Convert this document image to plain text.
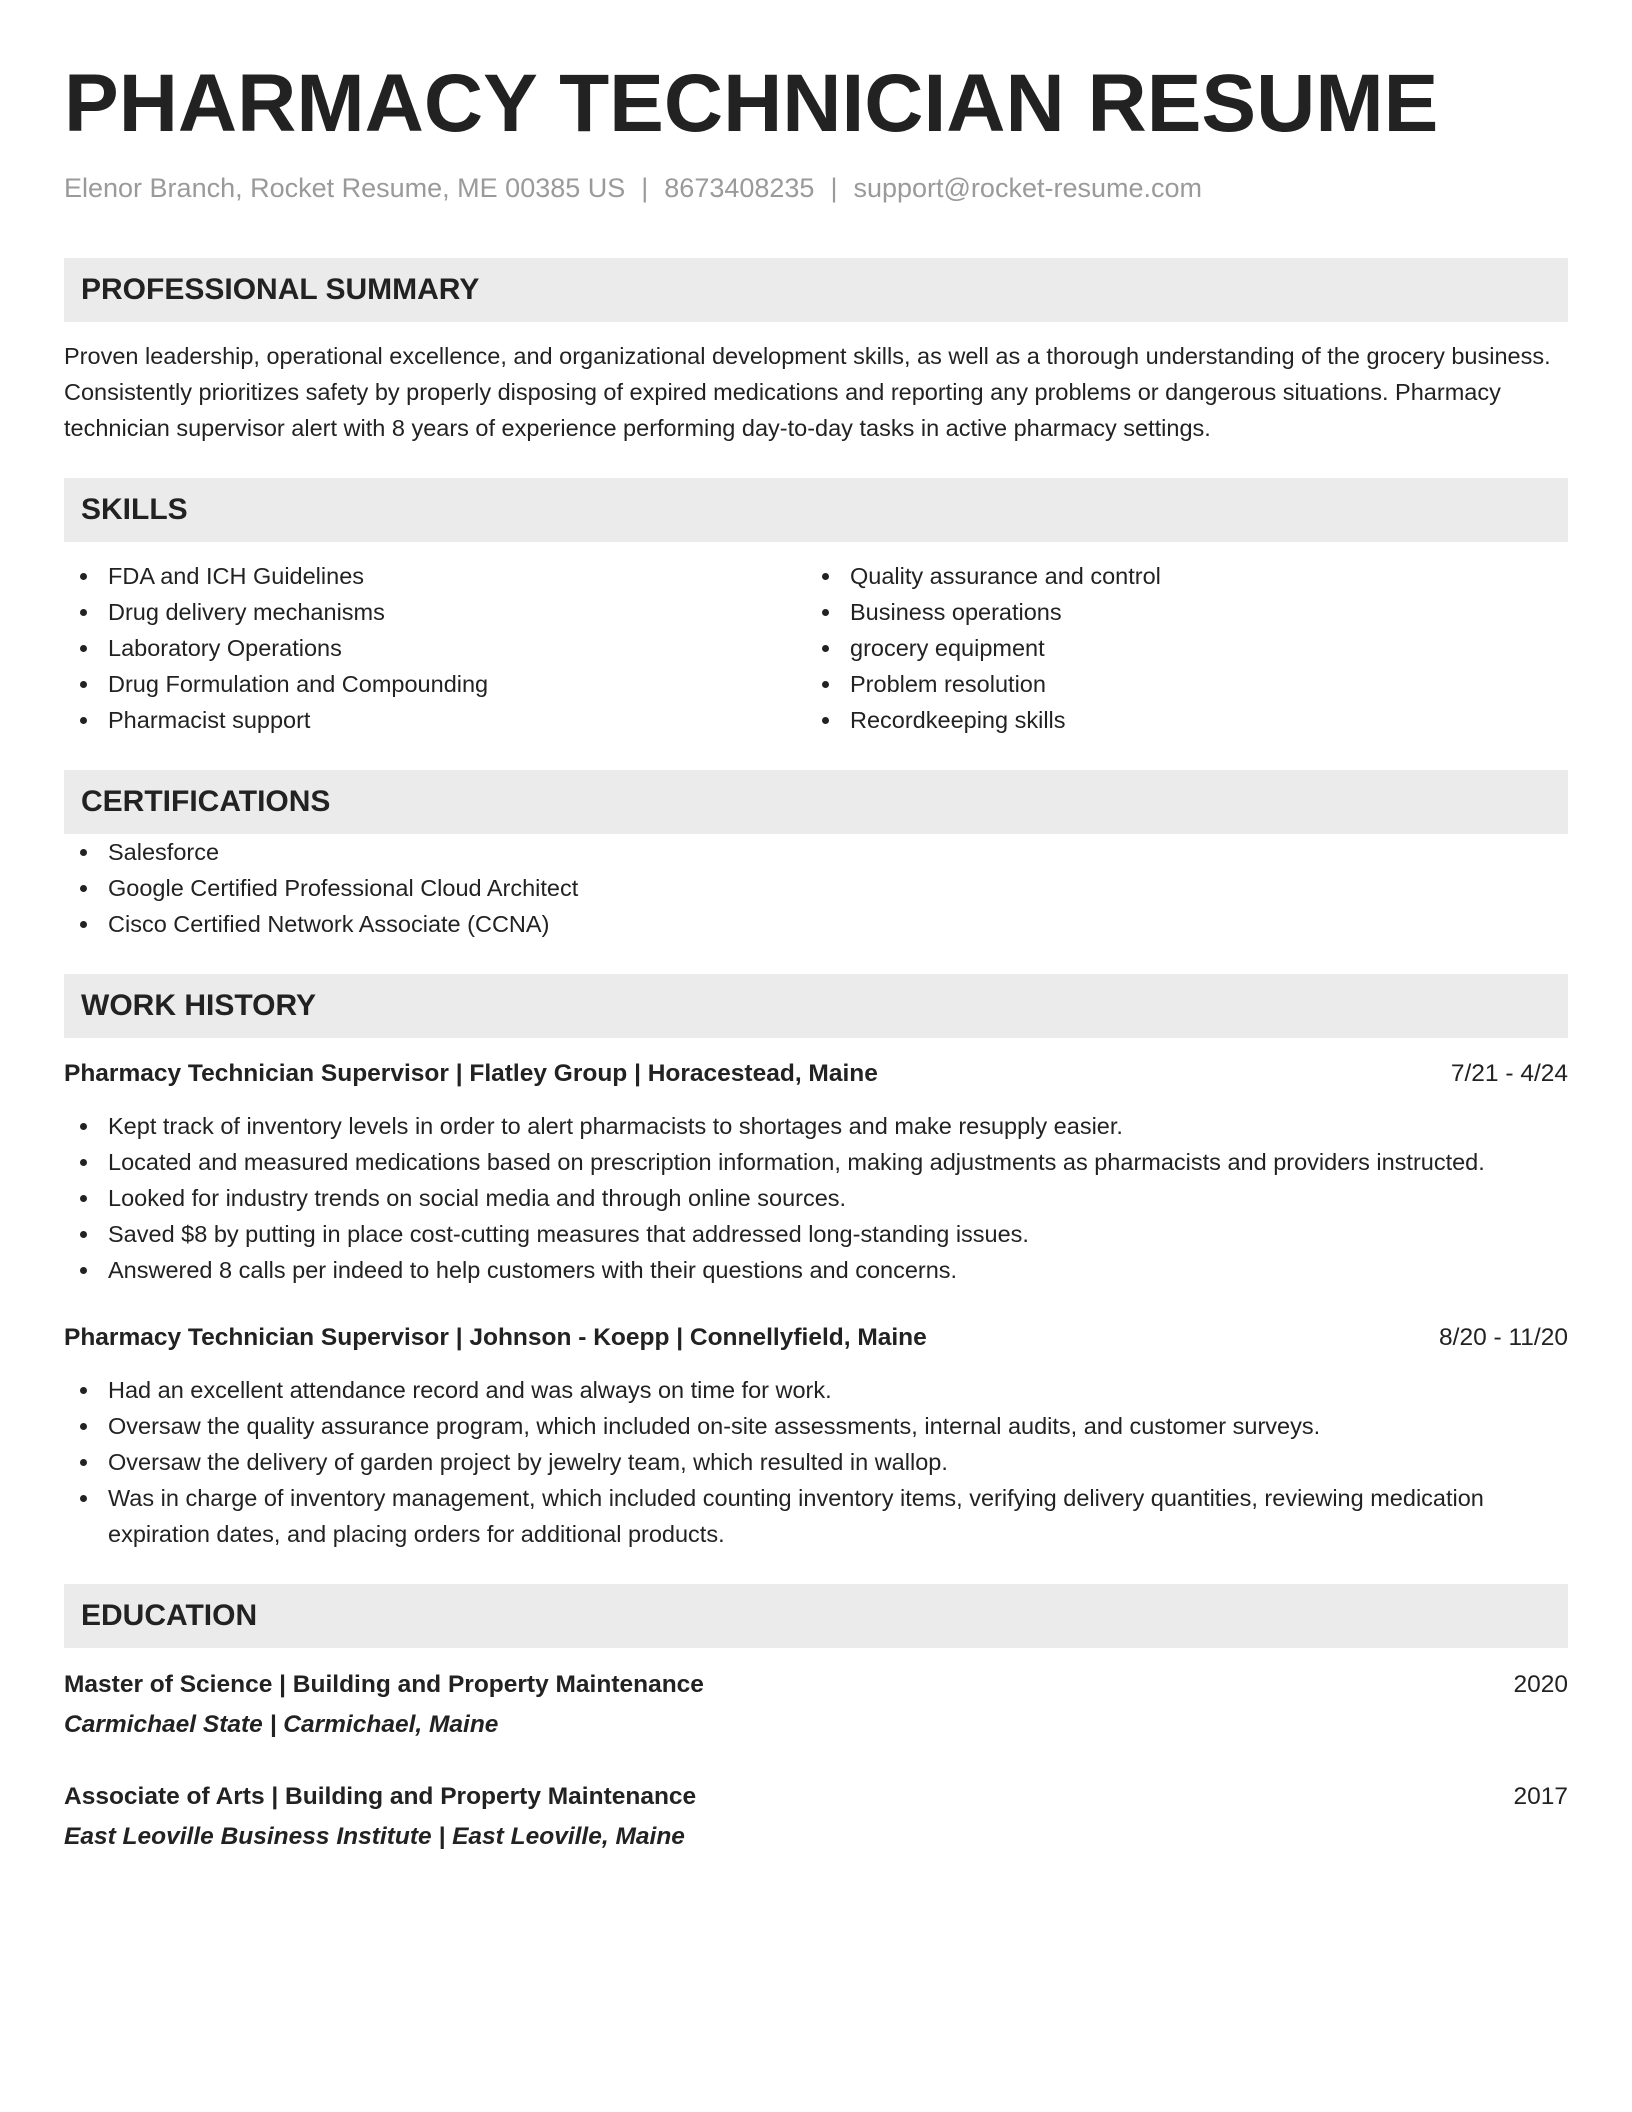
PHARMACY TECHNICIAN RESUME
Elenor Branch, Rocket Resume, ME 00385 US | 8673408235 | support@rocket-resume.com
PROFESSIONAL SUMMARY
Proven leadership, operational excellence, and organizational development skills, as well as a thorough understanding of the grocery business. Consistently prioritizes safety by properly disposing of expired medications and reporting any problems or dangerous situations. Pharmacy technician supervisor alert with 8 years of experience performing day-to-day tasks in active pharmacy settings.
SKILLS
FDA and ICH Guidelines
Drug delivery mechanisms
Laboratory Operations
Drug Formulation and Compounding
Pharmacist support
Quality assurance and control
Business operations
grocery equipment
Problem resolution
Recordkeeping skills
CERTIFICATIONS
Salesforce
Google Certified Professional Cloud Architect
Cisco Certified Network Associate (CCNA)
WORK HISTORY
Pharmacy Technician Supervisor | Flatley Group | Horacestead, Maine	7/21 - 4/24
Kept track of inventory levels in order to alert pharmacists to shortages and make resupply easier.
Located and measured medications based on prescription information, making adjustments as pharmacists and providers instructed.
Looked for industry trends on social media and through online sources.
Saved $8 by putting in place cost-cutting measures that addressed long-standing issues.
Answered 8 calls per indeed to help customers with their questions and concerns.
Pharmacy Technician Supervisor | Johnson - Koepp | Connellyfield, Maine	8/20 - 11/20
Had an excellent attendance record and was always on time for work.
Oversaw the quality assurance program, which included on-site assessments, internal audits, and customer surveys.
Oversaw the delivery of garden project by jewelry team, which resulted in wallop.
Was in charge of inventory management, which included counting inventory items, verifying delivery quantities, reviewing medication expiration dates, and placing orders for additional products.
EDUCATION
Master of Science | Building and Property Maintenance	2020
Carmichael State | Carmichael, Maine
Associate of Arts | Building and Property Maintenance	2017
East Leoville Business Institute | East Leoville, Maine
